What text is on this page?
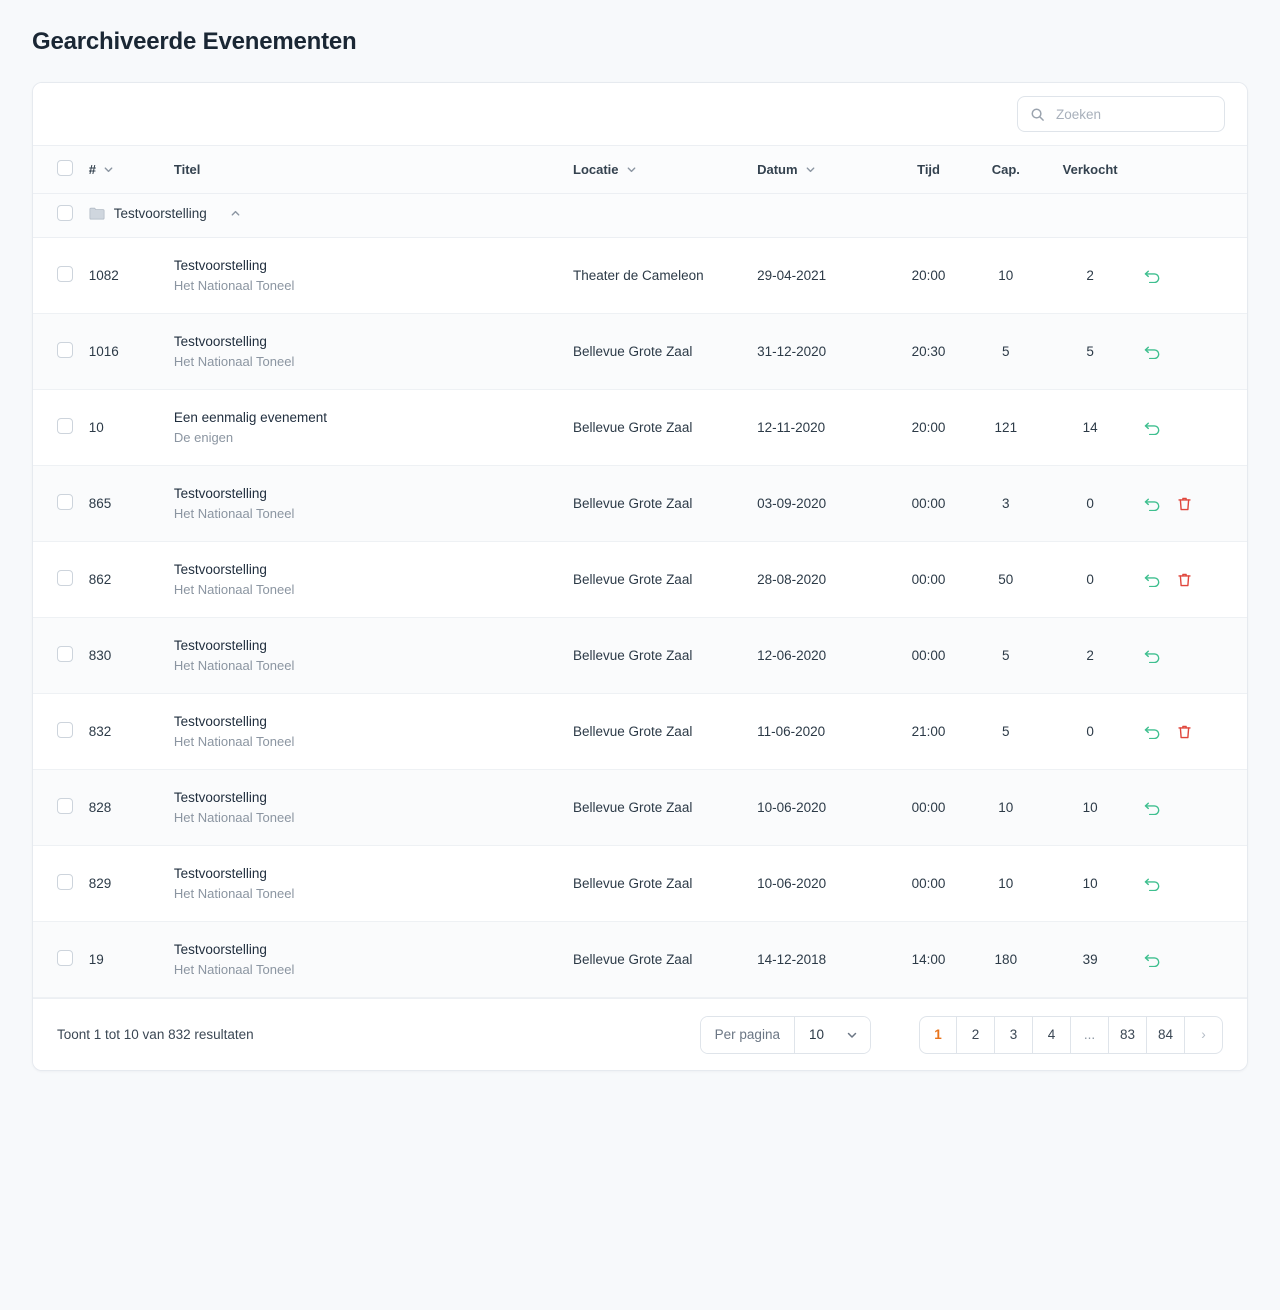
Gearchiveerde Evenementen
Zoeken

	#	Titel	Locatie	Datum	Tijd	Cap.	Verkocht	

	Testvoorstelling							

	1082	Testvoorstelling
Het Nationaal Toneel	Theater de Cameleon	29-04-2021	20:00	10	2	

	1016	Testvoorstelling
Het Nationaal Toneel	Bellevue Grote Zaal	31-12-2020	20:30	5	5	

	10	Een eenmalig evenement
De enigen	Bellevue Grote Zaal	12-11-2020	20:00	121	14	

	865	Testvoorstelling
Het Nationaal Toneel	Bellevue Grote Zaal	03-09-2020	00:00	3	0	

	862	Testvoorstelling
Het Nationaal Toneel	Bellevue Grote Zaal	28-08-2020	00:00	50	0	

	830	Testvoorstelling
Het Nationaal Toneel	Bellevue Grote Zaal	12-06-2020	00:00	5	2	

	832	Testvoorstelling
Het Nationaal Toneel	Bellevue Grote Zaal	11-06-2020	21:00	5	0	

	828	Testvoorstelling
Het Nationaal Toneel	Bellevue Grote Zaal	10-06-2020	00:00	10	10	

	829	Testvoorstelling
Het Nationaal Toneel	Bellevue Grote Zaal	10-06-2020	00:00	10	10	

	19	Testvoorstelling
Het Nationaal Toneel	Bellevue Grote Zaal	14-12-2018	14:00	180	39	
Toont 1 tot 10 van 832 resultaten	Per pagina	10	1	2	3	4	...	83	84	›
